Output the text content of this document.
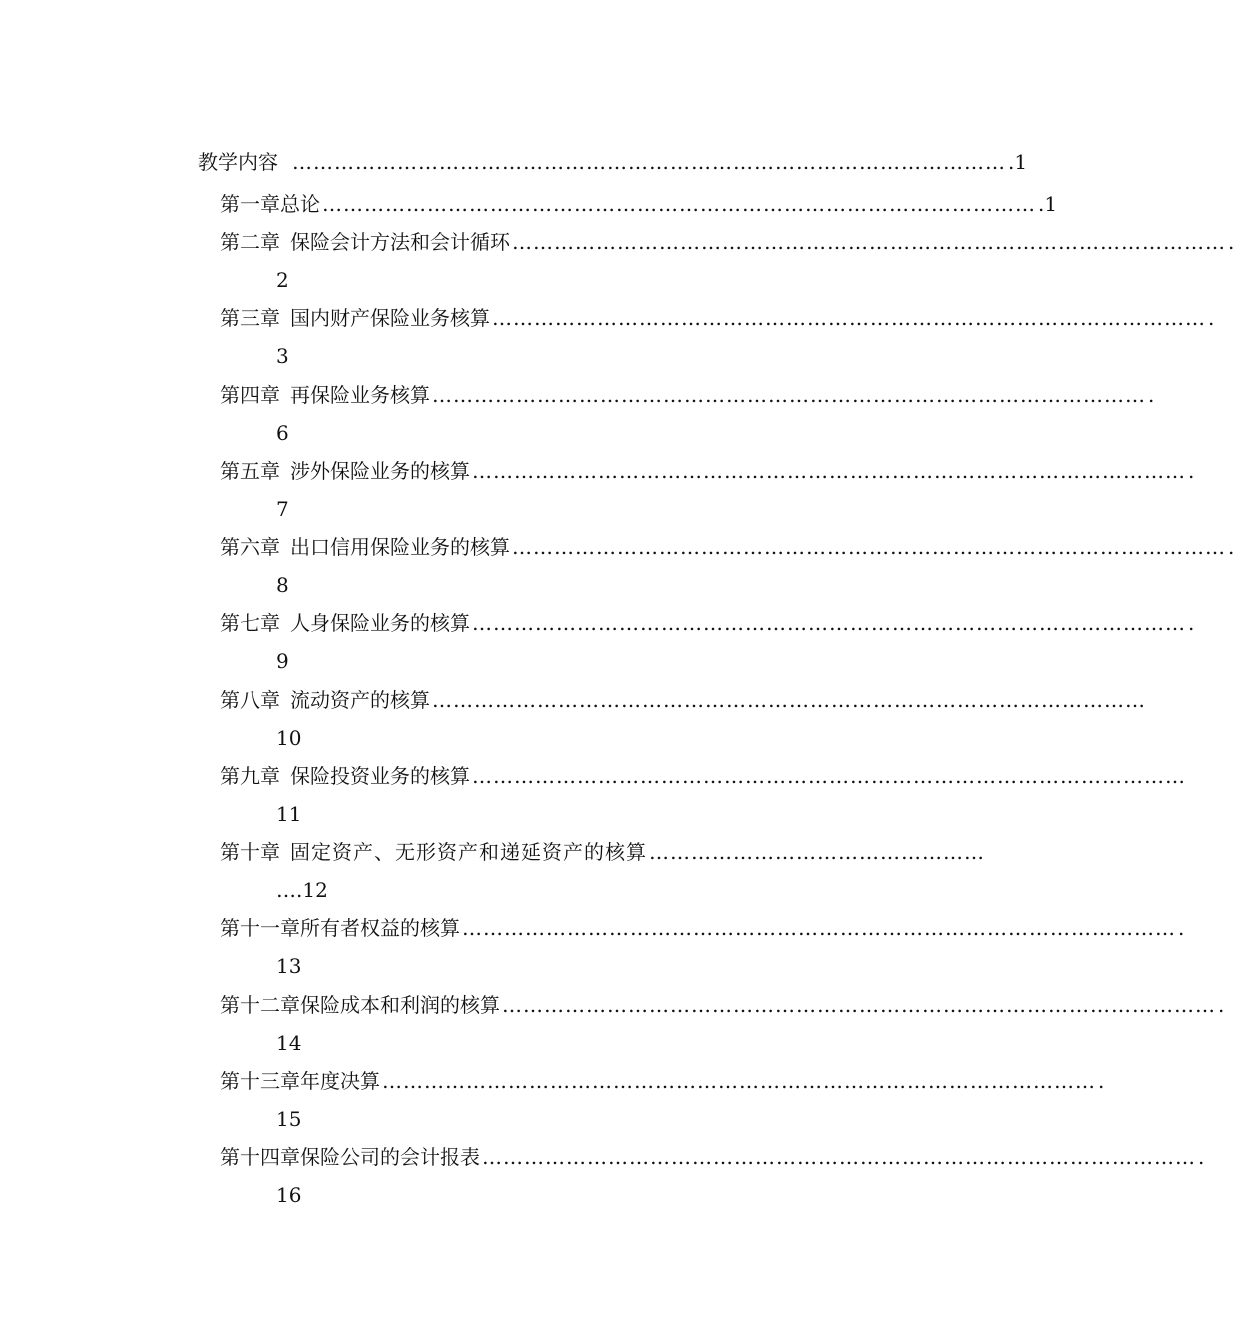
教学内容 ………………………………………………………………………………………… .1
第一章 总论 ………………………………………………………………………………………… .1
第二章 保险会计方法和会计循环 ………………………………………………………………………………………… .
2
第三章 国内财产保险业务核算 ………………………………………………………………………………………… .
3
第四章 再保险业务核算 ………………………………………………………………………………………… .
6
第五章 涉外保险业务的核算 ………………………………………………………………………………………… .
7
第六章 出口信用保险业务的核算 ………………………………………………………………………………………… .
8
第七章 人身保险业务的核算 ………………………………………………………………………………………… .
9
第八章 流动资产的核算 …………………………………………………………………………………………
10
第九章 保险投资业务的核算 …………………………………………………………………………………………
11
第十章 固定资产、无形资产和递延资产的核算 …………………………………………
….12
第十一章 所有者权益的核算 ………………………………………………………………………………………… .
13
第十二章 保险成本和利润的核算 ………………………………………………………………………………………… .
14
第十三章 年度决算 ………………………………………………………………………………………… .
15
第十四章 保险公司的会计报表 ………………………………………………………………………………………… .
16
